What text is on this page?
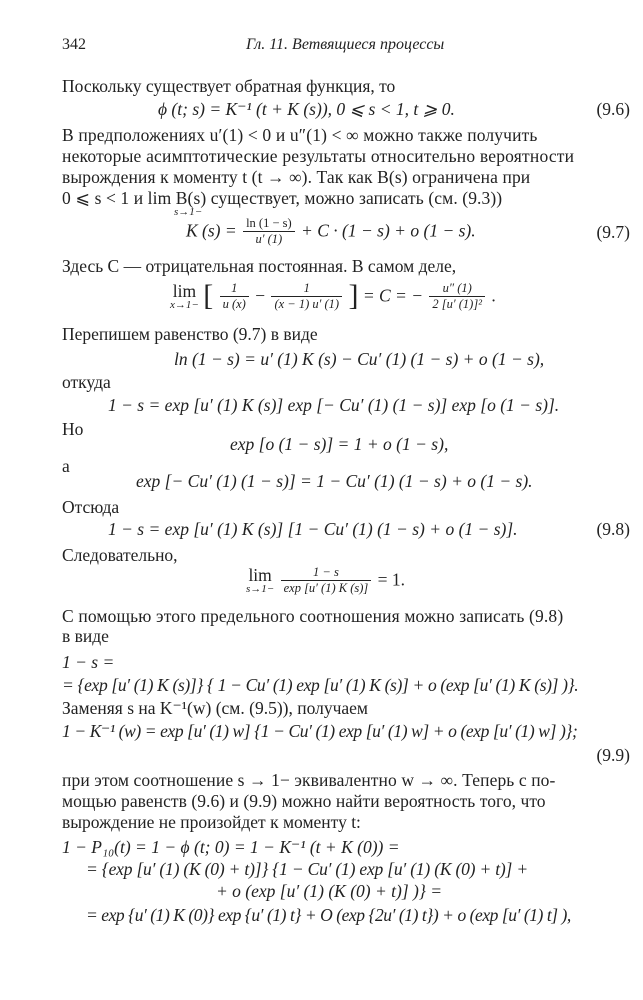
342	Гл. 11. Ветвящиеся процессы
Поскольку существует обратная функция, то
ϕ (t; s) = K⁻¹ (t + K (s)), 0 ⩽ s < 1, t ⩾ 0.	(9.6)
В предположениях u′(1) < 0 и u″(1) < ∞ можно также получить
некоторые асимптотические результаты относительно вероятности
вырождения к моменту t (t → ∞). Так как B(s) ограничена при
0 ⩽ s < 1 и lim B(s) существует, можно записать (см. (9.3))
s→1−
K $(s) = \frac{\ln (1 - s)}{u' (1)} + C \cdot (1 - s) + o$ (1 − s).	(9.7)
Здесь C — отрицательная постоянная. В самом деле,
lim
x→1− [ $\frac{1}{u (x)} - \frac{1}{(x - 1) u' (1)}$ ] = C = − $\frac{u'' (1)}{\text{2 [u′ (1)]²}}$ .
Перепишем равенство (9.7) в виде
ln (1 − s) = u′ (1) K (s) − Cu′ (1) (1 − s) + o (1 − s),
откуда
1 − s = exp [u′ (1) K (s)] exp [− Cu′ (1) (1 − s)] exp [o (1 − s)].
Но
exp [o (1 − s)] = 1 + o (1 − s),
а
exp [− Cu′ (1) (1 − s)] = 1 − Cu′ (1) (1 − s) + o (1 − s).
Отсюда
1 − s = exp [u′ (1) K (s)] [1 − Cu′ (1) (1 − s) + o (1 − s)].	(9.8)
Следовательно,
lim
s→1−
$\frac{1 - s}{\exp [u' (1) K (s)]} = 1$.
С помощью этого предельного соотношения можно записать (9.8)
в виде
1 − s =
= {exp [u′ (1) K (s)]} { 1 − Cu′ (1) exp [u′ (1) K (s)] + o (exp [u′ (1) K (s)] )}.
Заменяя s на K⁻¹(w) (см. (9.5)), получаем
1 − K⁻¹ (w) = exp [u′ (1) w] {1 − Cu′ (1) exp [u′ (1) w] + o (exp [u′ (1) w] )};
(9.9)
при этом соотношение s → 1− эквивалентно w → ∞. Теперь с по-
мощью равенств (9.6) и (9.9) можно найти вероятность того, что
вырождение не произойдет к моменту t:
1 − P₁₀(t) = 1 − ϕ (t; 0) = 1 − K⁻¹ (t + K (0)) =
= {exp [u′ (1) (K (0) + t)]} {1 − Cu′ (1) exp [u′ (1) (K (0) + t)] +
+ o (exp [u′ (1) (K (0) + t)] )} =
= exp {u′ (1) K (0)} exp {u′ (1) t} + O (exp {2u′ (1) t}) + o (exp [u′ (1) t] ),
